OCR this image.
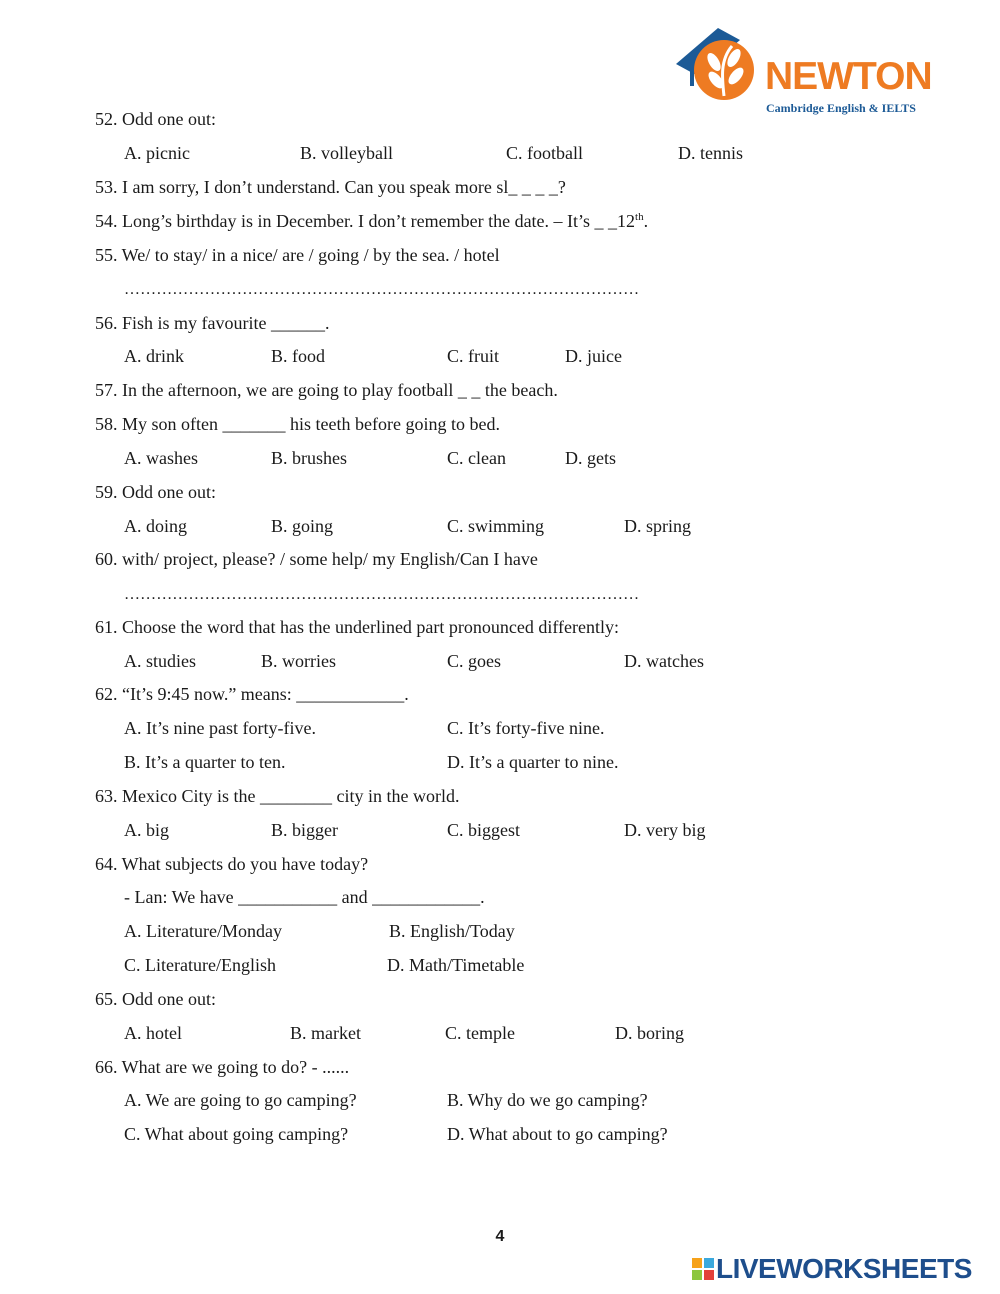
NEWTON
Cambridge English & IELTS
52. Odd one out:
A. picnic	B. volleyball	C. football	D. tennis
53. I am sorry, I don’t understand. Can you speak more sl_ _ _ _?
54. Long’s birthday is in December. I don’t remember the date. – It’s _ _12th.
55. We/ to stay/ in a nice/ are / going / by the sea. / hotel
……………………………………………………………………………………
56. Fish is my favourite ______.
A. drink	B. food	C. fruit	D. juice
57. In the afternoon, we are going to play football _ _ the beach.
58. My son often _______ his teeth before going to bed.
A. washes	B. brushes	C. clean	D. gets
59. Odd one out:
A. doing	B. going	C. swimming	D. spring
60. with/ project, please? / some help/ my English/Can I have
……………………………………………………………………………………
61. Choose the word that has the underlined part pronounced differently:
A. studies	B. worries	C. goes	D. watches
62. “It’s 9:45 now.” means: ____________.
A. It’s nine past forty-five.	C. It’s forty-five nine.
B. It’s a quarter to ten.	D. It’s a quarter to nine.
63. Mexico City is the ________ city in the world.
A. big	B. bigger	C. biggest	D. very big
64. What subjects do you have today?
- Lan: We have ___________ and ____________.
A. Literature/Monday	B. English/Today
C. Literature/English	D. Math/Timetable
65. Odd one out:
A. hotel	B. market	C. temple	D. boring
66. What are we going to do? - ......
A. We are going to go camping?	B. Why do we go camping?
C. What about going camping?	D. What about to go camping?
4
LIVEWORKSHEETS
